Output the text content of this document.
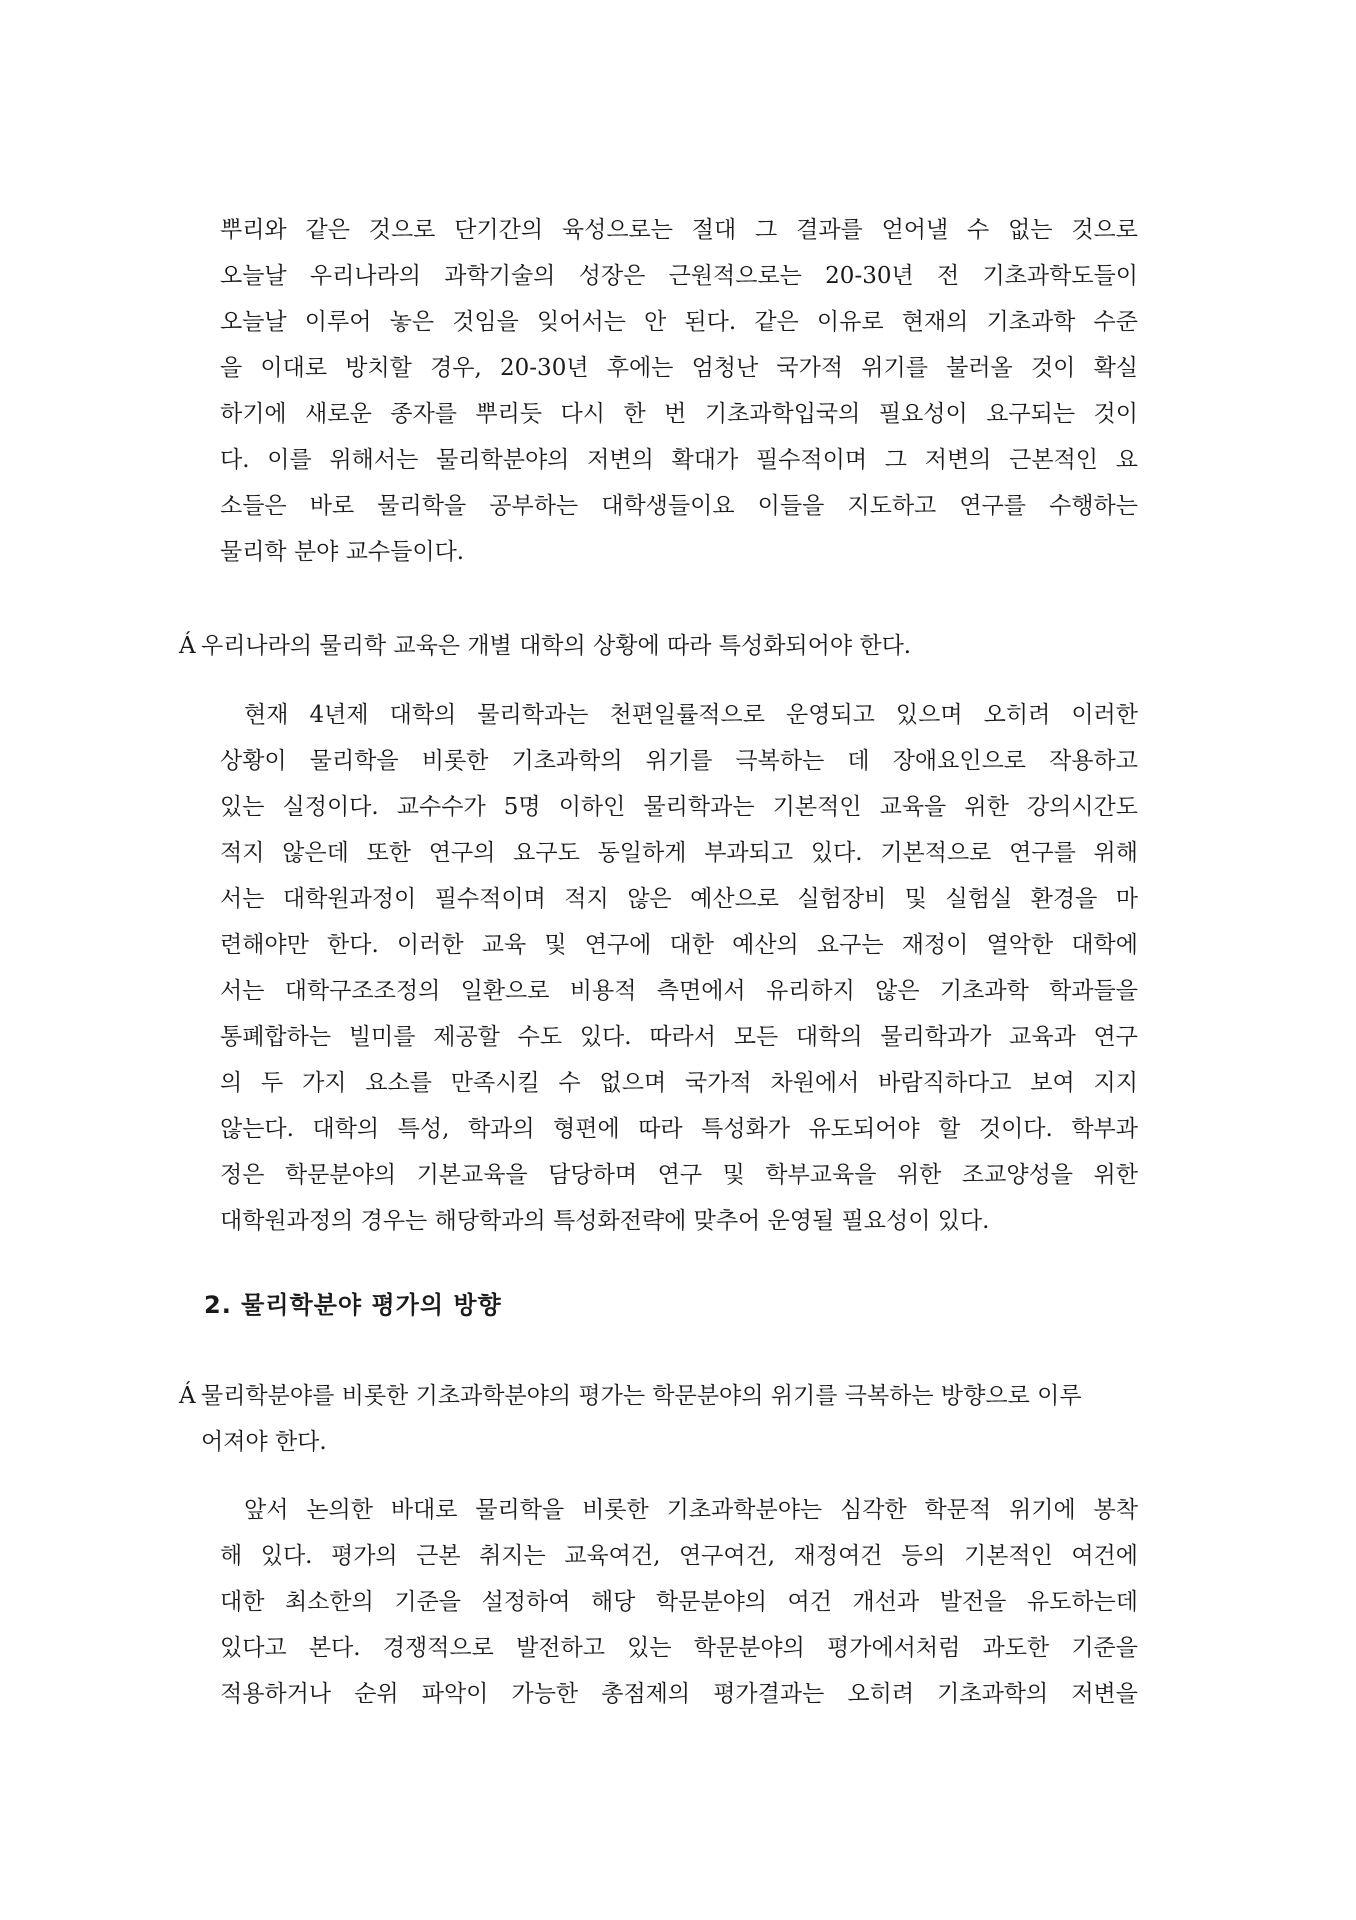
뿌리와 같은 것으로 단기간의 육성으로는 절대 그 결과를 얻어낼 수 없는 것으로
오늘날 우리나라의 과학기술의 성장은 근원적으로는 20-30년 전 기초과학도들이
오늘날 이루어 놓은 것임을 잊어서는 안 된다. 같은 이유로 현재의 기초과학 수준
을 이대로 방치할 경우, 20-30년 후에는 엄청난 국가적 위기를 불러올 것이 확실
하기에 새로운 종자를 뿌리듯 다시 한 번 기초과학입국의 필요성이 요구되는 것이
다. 이를 위해서는 물리학분야의 저변의 확대가 필수적이며 그 저변의 근본적인 요
소들은 바로 물리학을 공부하는 대학생들이요 이들을 지도하고 연구를 수행하는
물리학 분야 교수들이다.
Á 우리나라의 물리학 교육은 개별 대학의 상황에 따라 특성화되어야 한다.
현재 4년제 대학의 물리학과는 천편일률적으로 운영되고 있으며 오히려 이러한
상황이 물리학을 비롯한 기초과학의 위기를 극복하는 데 장애요인으로 작용하고
있는 실정이다. 교수수가 5명 이하인 물리학과는 기본적인 교육을 위한 강의시간도
적지 않은데 또한 연구의 요구도 동일하게 부과되고 있다. 기본적으로 연구를 위해
서는 대학원과정이 필수적이며 적지 않은 예산으로 실험장비 및 실험실 환경을 마
련해야만 한다. 이러한 교육 및 연구에 대한 예산의 요구는 재정이 열악한 대학에
서는 대학구조조정의 일환으로 비용적 측면에서 유리하지 않은 기초과학 학과들을
통폐합하는 빌미를 제공할 수도 있다. 따라서 모든 대학의 물리학과가 교육과 연구
의 두 가지 요소를 만족시킬 수 없으며 국가적 차원에서 바람직하다고 보여 지지
않는다. 대학의 특성, 학과의 형편에 따라 특성화가 유도되어야 할 것이다. 학부과
정은 학문분야의 기본교육을 담당하며 연구 및 학부교육을 위한 조교양성을 위한
대학원과정의 경우는 해당학과의 특성화전략에 맞추어 운영될 필요성이 있다.
2. 물리학분야 평가의 방향
Á 물리학분야를 비롯한 기초과학분야의 평가는 학문분야의 위기를 극복하는 방향으로 이루
어져야 한다.
앞서 논의한 바대로 물리학을 비롯한 기초과학분야는 심각한 학문적 위기에 봉착
해 있다. 평가의 근본 취지는 교육여건, 연구여건, 재정여건 등의 기본적인 여건에
대한 최소한의 기준을 설정하여 해당 학문분야의 여건 개선과 발전을 유도하는데
있다고 본다. 경쟁적으로 발전하고 있는 학문분야의 평가에서처럼 과도한 기준을
적용하거나 순위 파악이 가능한 총점제의 평가결과는 오히려 기초과학의 저변을
